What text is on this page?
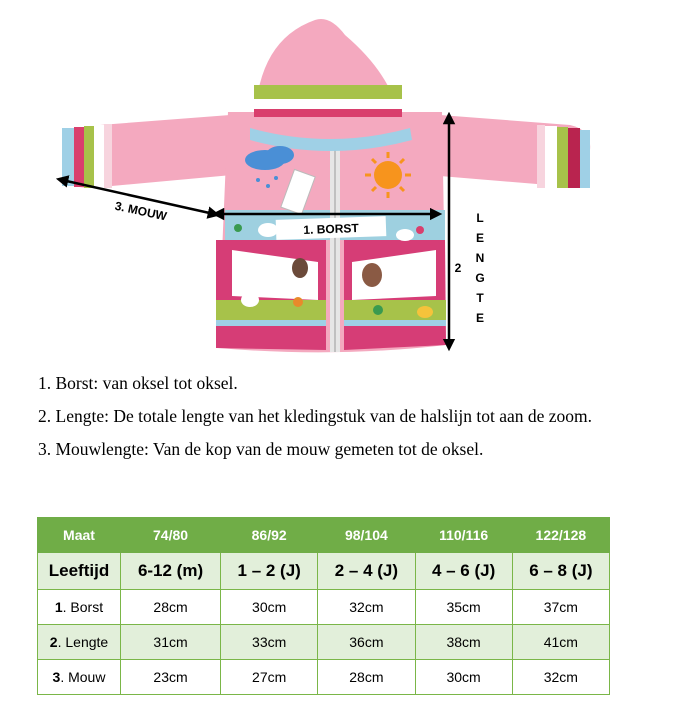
1. BORST
3. MOUW
2
L
E
N
G
T
E

1. Borst: van oksel tot oksel.

2. Lengte: De totale lengte van het kledingstuk van de halslijn tot aan de zoom.

3. Mouwlengte: Van de kop van de mouw gemeten tot de oksel.

Maat	74/80	86/92	98/104	110/116	122/128
Leeftijd	6-12 (m)	1 – 2 (J)	2 – 4 (J)	4 – 6 (J)	6 – 8 (J)
1. Borst	28cm	30cm	32cm	35cm	37cm
2. Lengte	31cm	33cm	36cm	38cm	41cm
3. Mouw	23cm	27cm	28cm	30cm	32cm
